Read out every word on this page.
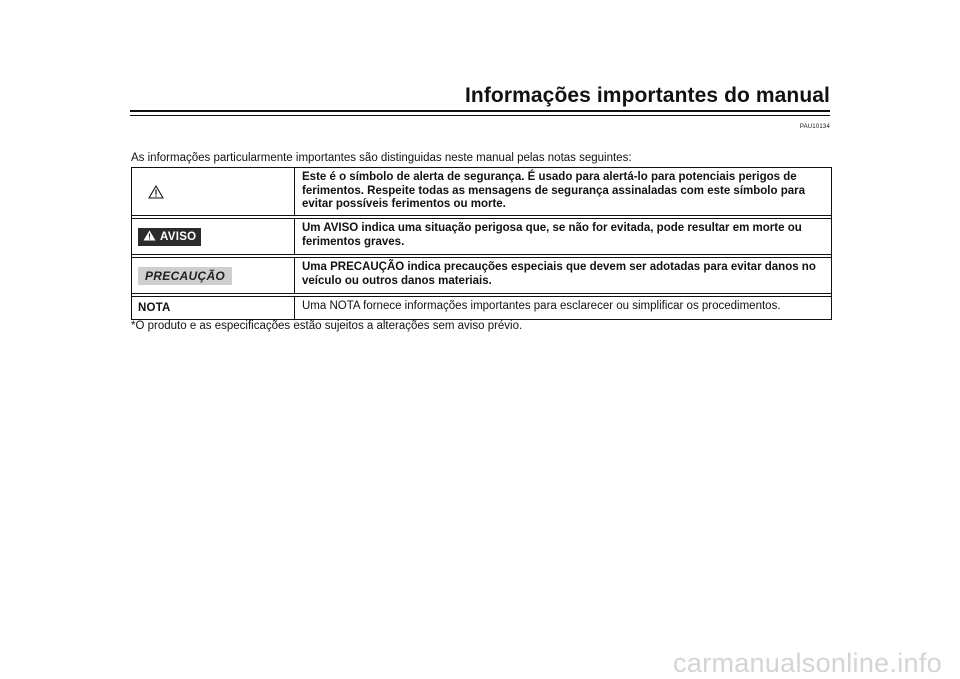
Informações importantes do manual
PAU10134
As informações particularmente importantes são distinguidas neste manual pelas notas seguintes:
Este é o símbolo de alerta de segurança. É usado para alertá-lo para potenciais perigos de ferimentos. Respeite todas as mensagens de segurança assinaladas com este símbolo para evitar possíveis ferimentos ou morte.
AVISO
Um AVISO indica uma situação perigosa que, se não for evitada, pode resultar em morte ou ferimentos graves.
PRECAUÇÃO
Uma PRECAUÇÃO indica precauções especiais que devem ser adotadas para evitar danos no veículo ou outros danos materiais.
NOTA	Uma NOTA fornece informações importantes para esclarecer ou simplificar os procedimentos.
*O produto e as especificações estão sujeitos a alterações sem aviso prévio.
carmanualsonline.info
